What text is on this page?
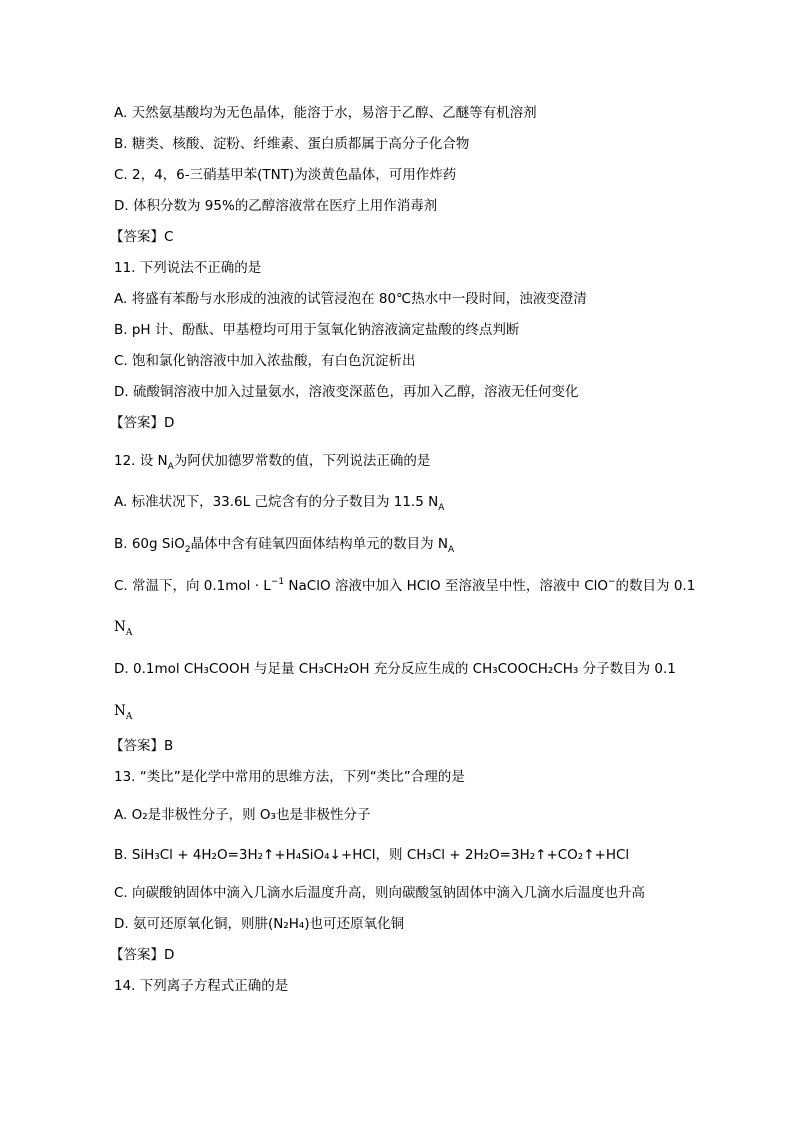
A. 天然氨基酸均为无色晶体，能溶于水，易溶于乙醇、乙醚等有机溶剂
B. 糖类、核酸、淀粉、纤维素、蛋白质都属于高分子化合物
C. 2，4，6-三硝基甲苯(TNT)为淡黄色晶体，可用作炸药
D. 体积分数为 95%的乙醇溶液常在医疗上用作消毒剂
【答案】C
11. 下列说法不正确的是
A. 将盛有苯酚与水形成的浊液的试管浸泡在 80℃热水中一段时间，浊液变澄清
B. pH 计、酚酞、甲基橙均可用于氢氧化钠溶液滴定盐酸的终点判断
C. 饱和氯化钠溶液中加入浓盐酸，有白色沉淀析出
D. 硫酸铜溶液中加入过量氨水，溶液变深蓝色，再加入乙醇，溶液无任何变化
【答案】D
12. 设 $N_A$为阿伏加德罗常数的值，下列说法正确的是
A. 标准状况下，33.6L 己烷含有的分子数目为 11.5 $N_A$
B. 60g SiO$_2$晶体中含有硅氧四面体结构单元的数目为 $N_A$
C. 常温下，向 $0.1mol \cdot L^{-1}$ NaClO 溶液中加入 HClO 至溶液呈中性，溶液中 ClO−的数目为 0.1
$N_A$
D. 0.1mol CH₃COOH 与足量 CH₃CH₂OH 充分反应生成的 CH₃COOCH₂CH₃ 分子数目为 0.1
$N_A$
【答案】B
13. “类比”是化学中常用的思维方法，下列“类比”合理的是
A. O₂是非极性分子，则 O₃也是非极性分子
B. SiH₃Cl + 4H₂O=3H₂↑+H₄SiO₄↓+HCl，则 CH₃Cl + 2H₂O=3H₂↑+CO₂↑+HCl
C. 向碳酸钠固体中滴入几滴水后温度升高，则向碳酸氢钠固体中滴入几滴水后温度也升高
D. 氨可还原氧化铜，则肼(N₂H₄)也可还原氧化铜
【答案】D
14. 下列离子方程式正确的是
